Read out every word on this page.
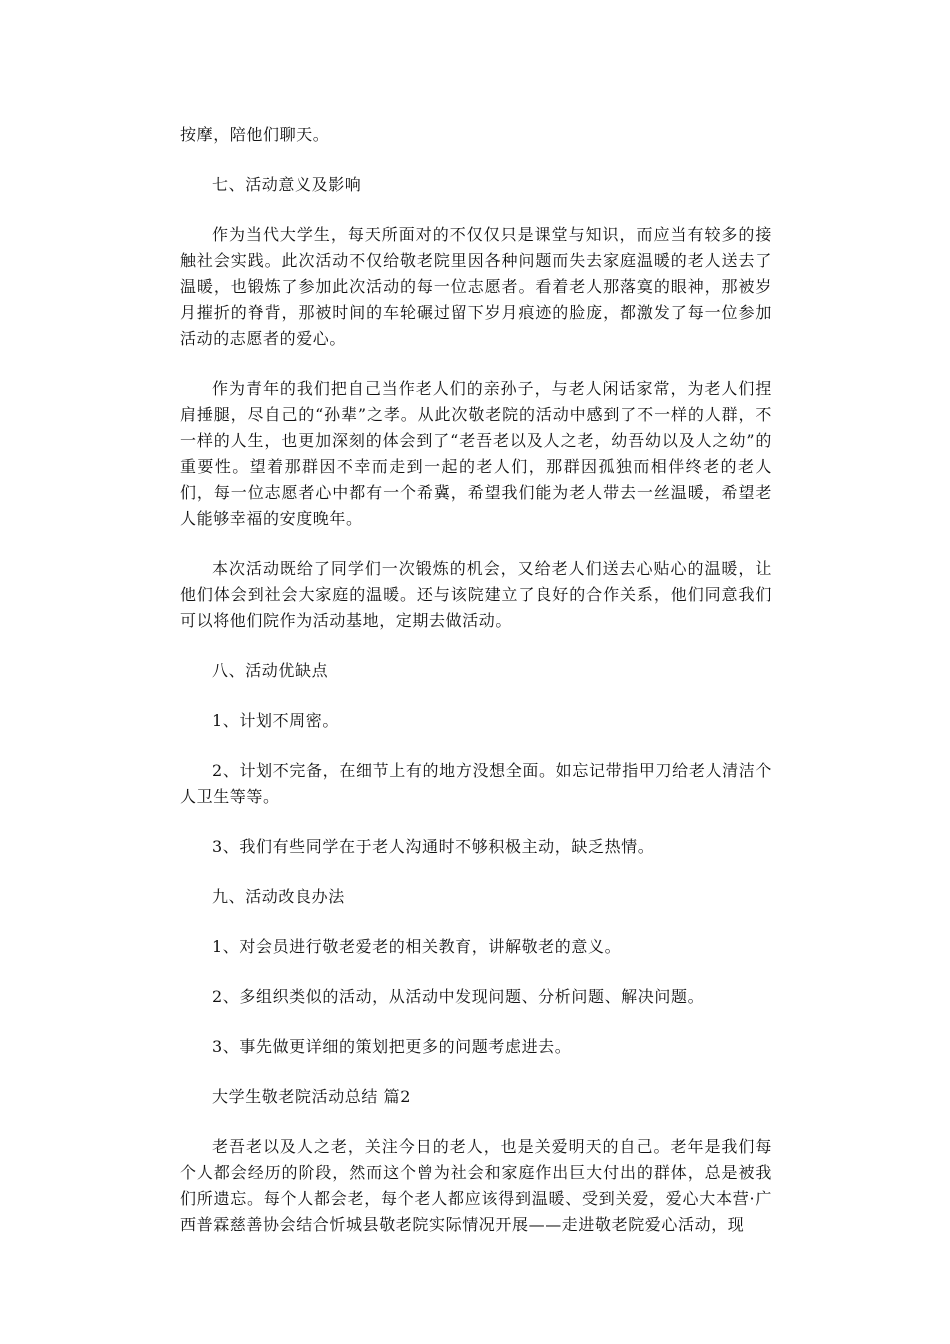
按摩，陪他们聊天。

七、活动意义及影响

作为当代大学生，每天所面对的不仅仅只是课堂与知识，而应当有较多的接触社会实践。此次活动不仅给敬老院里因各种问题而失去家庭温暖的老人送去了温暖，也锻炼了参加此次活动的每一位志愿者。看着老人那落寞的眼神，那被岁月摧折的脊背，那被时间的车轮碾过留下岁月痕迹的脸庞，都激发了每一位参加活动的志愿者的爱心。

作为青年的我们把自己当作老人们的亲孙子，与老人闲话家常，为老人们捏肩捶腿，尽自己的“孙辈”之孝。从此次敬老院的活动中感到了不一样的人群，不一样的人生，也更加深刻的体会到了“老吾老以及人之老，幼吾幼以及人之幼”的重要性。望着那群因不幸而走到一起的老人们，那群因孤独而相伴终老的老人们，每一位志愿者心中都有一个希冀，希望我们能为老人带去一丝温暖，希望老人能够幸福的安度晚年。

本次活动既给了同学们一次锻炼的机会，又给老人们送去心贴心的温暖，让他们体会到社会大家庭的温暖。还与该院建立了良好的合作关系，他们同意我们可以将他们院作为活动基地，定期去做活动。

八、活动优缺点

1、计划不周密。

2、计划不完备，在细节上有的地方没想全面。如忘记带指甲刀给老人清洁个人卫生等等。

3、我们有些同学在于老人沟通时不够积极主动，缺乏热情。

九、活动改良办法

1、对会员进行敬老爱老的相关教育，讲解敬老的意义。

2、多组织类似的活动，从活动中发现问题、分析问题、解决问题。

3、事先做更详细的策划把更多的问题考虑进去。

大学生敬老院活动总结 篇2

老吾老以及人之老，关注今日的老人，也是关爱明天的自己。老年是我们每个人都会经历的阶段，然而这个曾为社会和家庭作出巨大付出的群体，总是被我们所遗忘。每个人都会老，每个老人都应该得到温暖、受到关爱，爱心大本营·广西普霖慈善协会结合忻城县敬老院实际情况开展——走进敬老院爱心活动，现
